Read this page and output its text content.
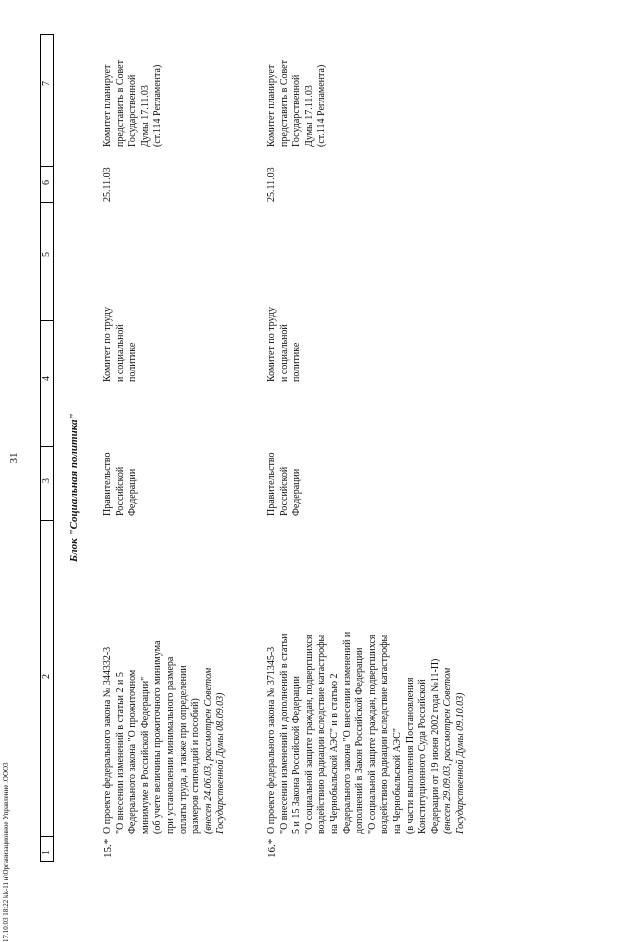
31
17.10.03 18:22 kk-11 н\Организационное Управление .OOO3	1
2
3
4
5
6
7
Блок "Социальная политика"
15.*
О проекте федерального закона № 344332-3 "О внесении изменений в статьи 2 и 5 Федерального закона "О прожиточном минимуме в Российской Федерации" (об учете величины прожиточного минимума при установлении минимального размера оплаты труда, а также при определении размеров стипендий и пособий) (внесен 24.06.03, рассмотрен Советом Государственной Думы 08.09.03)
Правительство Российской Федерации
Комитет по труду и социальной политике
25.11.03
Комитет планирует представить в Совет Государственной Думы 17.11.03 (ст.114 Регламента)
16.*
О проекте федерального закона № 371345-3 "О внесении изменений и дополнений в статьи 5 и 15 Закона Российской Федерации "О социальной защите граждан, подвергшихся воздействию радиации вследствие катастрофы на Чернобыльской АЭС" и в статью 2 Федерального закона "О внесении изменений и дополнений в Закон Российской Федерации "О социальной защите граждан, подвергшихся воздействию радиации вследствие катастрофы на Чернобыльской АЭС" (в части выполнения Постановления Конституционного Суда Российской Федерации от 19 июня 2002 года №11-П) (внесен 29.09.03, рассмотрен Советом Государственной Думы 09.10.03)
Правительство Российской Федерации
Комитет по труду и социальной политике
25.11.03
Комитет планирует представить в Совет Государственной Думы 17.11.03 (ст.114 Регламента)
